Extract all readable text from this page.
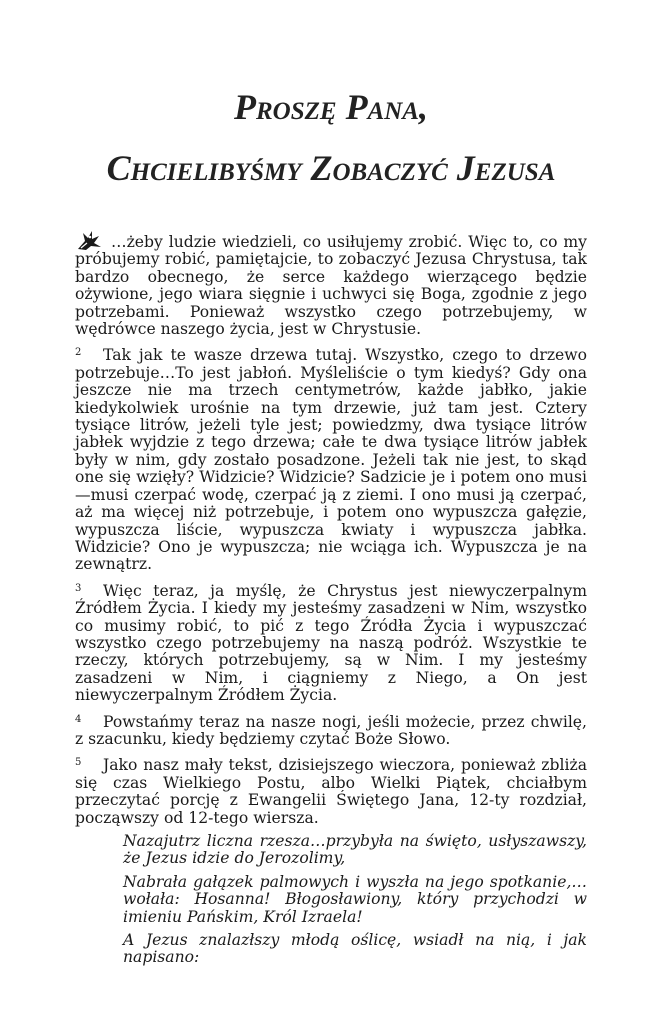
Proszę Pana,
Chcielibyśmy Zobaczyć Jezusa

…żeby ludzie wiedzieli, co usiłujemy zrobić. Więc to, co my próbujemy robić, pamiętajcie, to zobaczyć Jezusa Chrystusa, tak bardzo obecnego, że serce każdego wierzącego będzie ożywione, jego wiara sięgnie i uchwyci się Boga, zgodnie z jego potrzebami. Ponieważ wszystko czego potrzebujemy, w wędrówce naszego życia, jest w Chrystusie.

2 Tak jak te wasze drzewa tutaj. Wszystko, czego to drzewo potrzebuje…To jest jabłoń. Myśleliście o tym kiedyś? Gdy ona jeszcze nie ma trzech centymetrów, każde jabłko, jakie kiedykolwiek urośnie na tym drzewie, już tam jest. Cztery tysiące litrów, jeżeli tyle jest; powiedzmy, dwa tysiące litrów jabłek wyjdzie z tego drzewa; całe te dwa tysiące litrów jabłek były w nim, gdy zostało posadzone. Jeżeli tak nie jest, to skąd one się wzięły? Widzicie? Widzicie? Sadzicie je i potem ono musi—musi czerpać wodę, czerpać ją z ziemi. I ono musi ją czerpać, aż ma więcej niż potrzebuje, i potem ono wypuszcza gałęzie, wypuszcza liście, wypuszcza kwiaty i wypuszcza jabłka. Widzicie? Ono je wypuszcza; nie wciąga ich. Wypuszcza je na zewnątrz.

3 Więc teraz, ja myślę, że Chrystus jest niewyczerpalnym Źródłem Życia. I kiedy my jesteśmy zasadzeni w Nim, wszystko co musimy robić, to pić z tego Źródła Życia i wypuszczać wszystko czego potrzebujemy na naszą podróż. Wszystkie te rzeczy, których potrzebujemy, są w Nim. I my jesteśmy zasadzeni w Nim, i ciągniemy z Niego, a On jest niewyczerpalnym Źródłem Życia.

4 Powstańmy teraz na nasze nogi, jeśli możecie, przez chwilę, z szacunku, kiedy będziemy czytać Boże Słowo.

5 Jako nasz mały tekst, dzisiejszego wieczora, ponieważ zbliża się czas Wielkiego Postu, albo Wielki Piątek, chciałbym przeczytać porcję z Ewangelii Świętego Jana, 12-ty rozdział, począwszy od 12-tego wiersza.

Nazajutrz liczna rzesza…przybyła na święto, usłyszawszy, że Jezus idzie do Jerozolimy,

Nabrała gałązek palmowych i wyszła na jego spotkanie,…wołała: Hosanna! Błogosławiony, który przychodzi w imieniu Pańskim, Król Izraela!

A Jezus znalazłszy młodą oślicę, wsiadł na nią, i jak napisano:
